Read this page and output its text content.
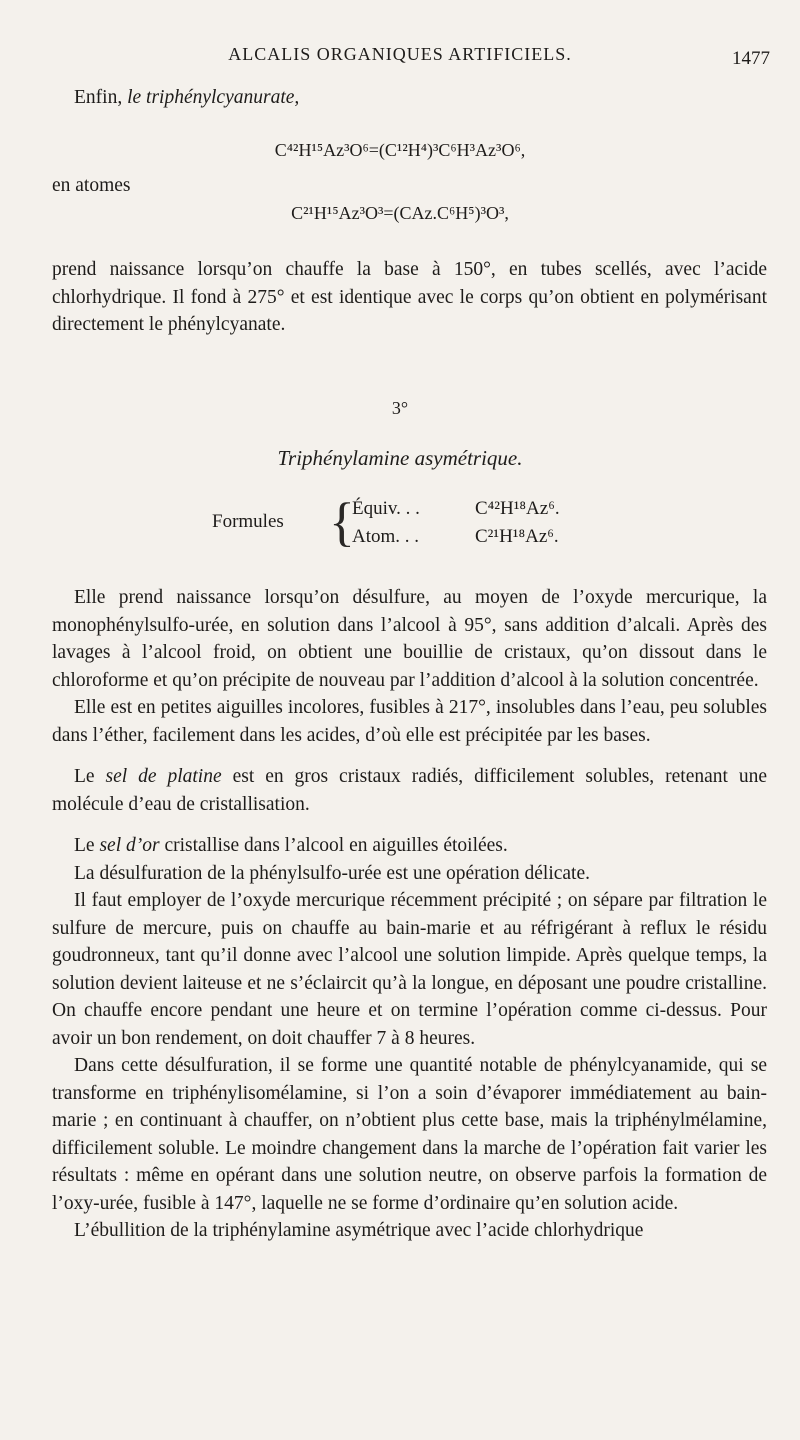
ALCALIS ORGANIQUES ARTIFICIELS.	1477

Enfin, le triphénylcyanurate,

C⁴²H¹⁵Az³O⁶=(C¹²H⁴)³C⁶H³Az³O⁶,

en atomes

C²¹H¹⁵Az³O³=(CAz.C⁶H⁵)³O³,

prend naissance lorsqu’on chauffe la base à 150°, en tubes scellés, avec l’acide chlorhydrique. Il fond à 275° et est identique avec le corps qu’on obtient en polymérisant directement le phénylcyanate.

3°
Triphénylamine asymétrique.
Formules {
Équiv. . .	C⁴²H¹⁸Az⁶.
Atom. . .	C²¹H¹⁸Az⁶.

Elle prend naissance lorsqu’on désulfure, au moyen de l’oxyde mercurique, la monophénylsulfo-urée, en solution dans l’alcool à 95°, sans addition d’alcali. Après des lavages à l’alcool froid, on obtient une bouillie de cristaux, qu’on dissout dans le chloroforme et qu’on précipite de nouveau par l’addition d’alcool à la solution concentrée.

Elle est en petites aiguilles incolores, fusibles à 217°, insolubles dans l’eau, peu solubles dans l’éther, facilement dans les acides, d’où elle est précipitée par les bases.

Le sel de platine est en gros cristaux radiés, difficilement solubles, retenant une molécule d’eau de cristallisation.

Le sel d’or cristallise dans l’alcool en aiguilles étoilées.

La désulfuration de la phénylsulfo-urée est une opération délicate.

Il faut employer de l’oxyde mercurique récemment précipité ; on sépare par filtration le sulfure de mercure, puis on chauffe au bain-marie et au réfrigérant à reflux le résidu goudronneux, tant qu’il donne avec l’alcool une solution limpide. Après quelque temps, la solution devient laiteuse et ne s’éclaircit qu’à la longue, en déposant une poudre cristalline. On chauffe encore pendant une heure et on termine l’opération comme ci-dessus. Pour avoir un bon rendement, on doit chauffer 7 à 8 heures.

Dans cette désulfuration, il se forme une quantité notable de phénylcyanamide, qui se transforme en triphénylisomélamine, si l’on a soin d’évaporer immédiatement au bain-marie ; en continuant à chauffer, on n’obtient plus cette base, mais la triphénylmélamine, difficilement soluble. Le moindre changement dans la marche de l’opération fait varier les résultats : même en opérant dans une solution neutre, on observe parfois la formation de l’oxy-urée, fusible à 147°, laquelle ne se forme d’ordinaire qu’en solution acide.

L’ébullition de la triphénylamine asymétrique avec l’acide chlorhydrique
